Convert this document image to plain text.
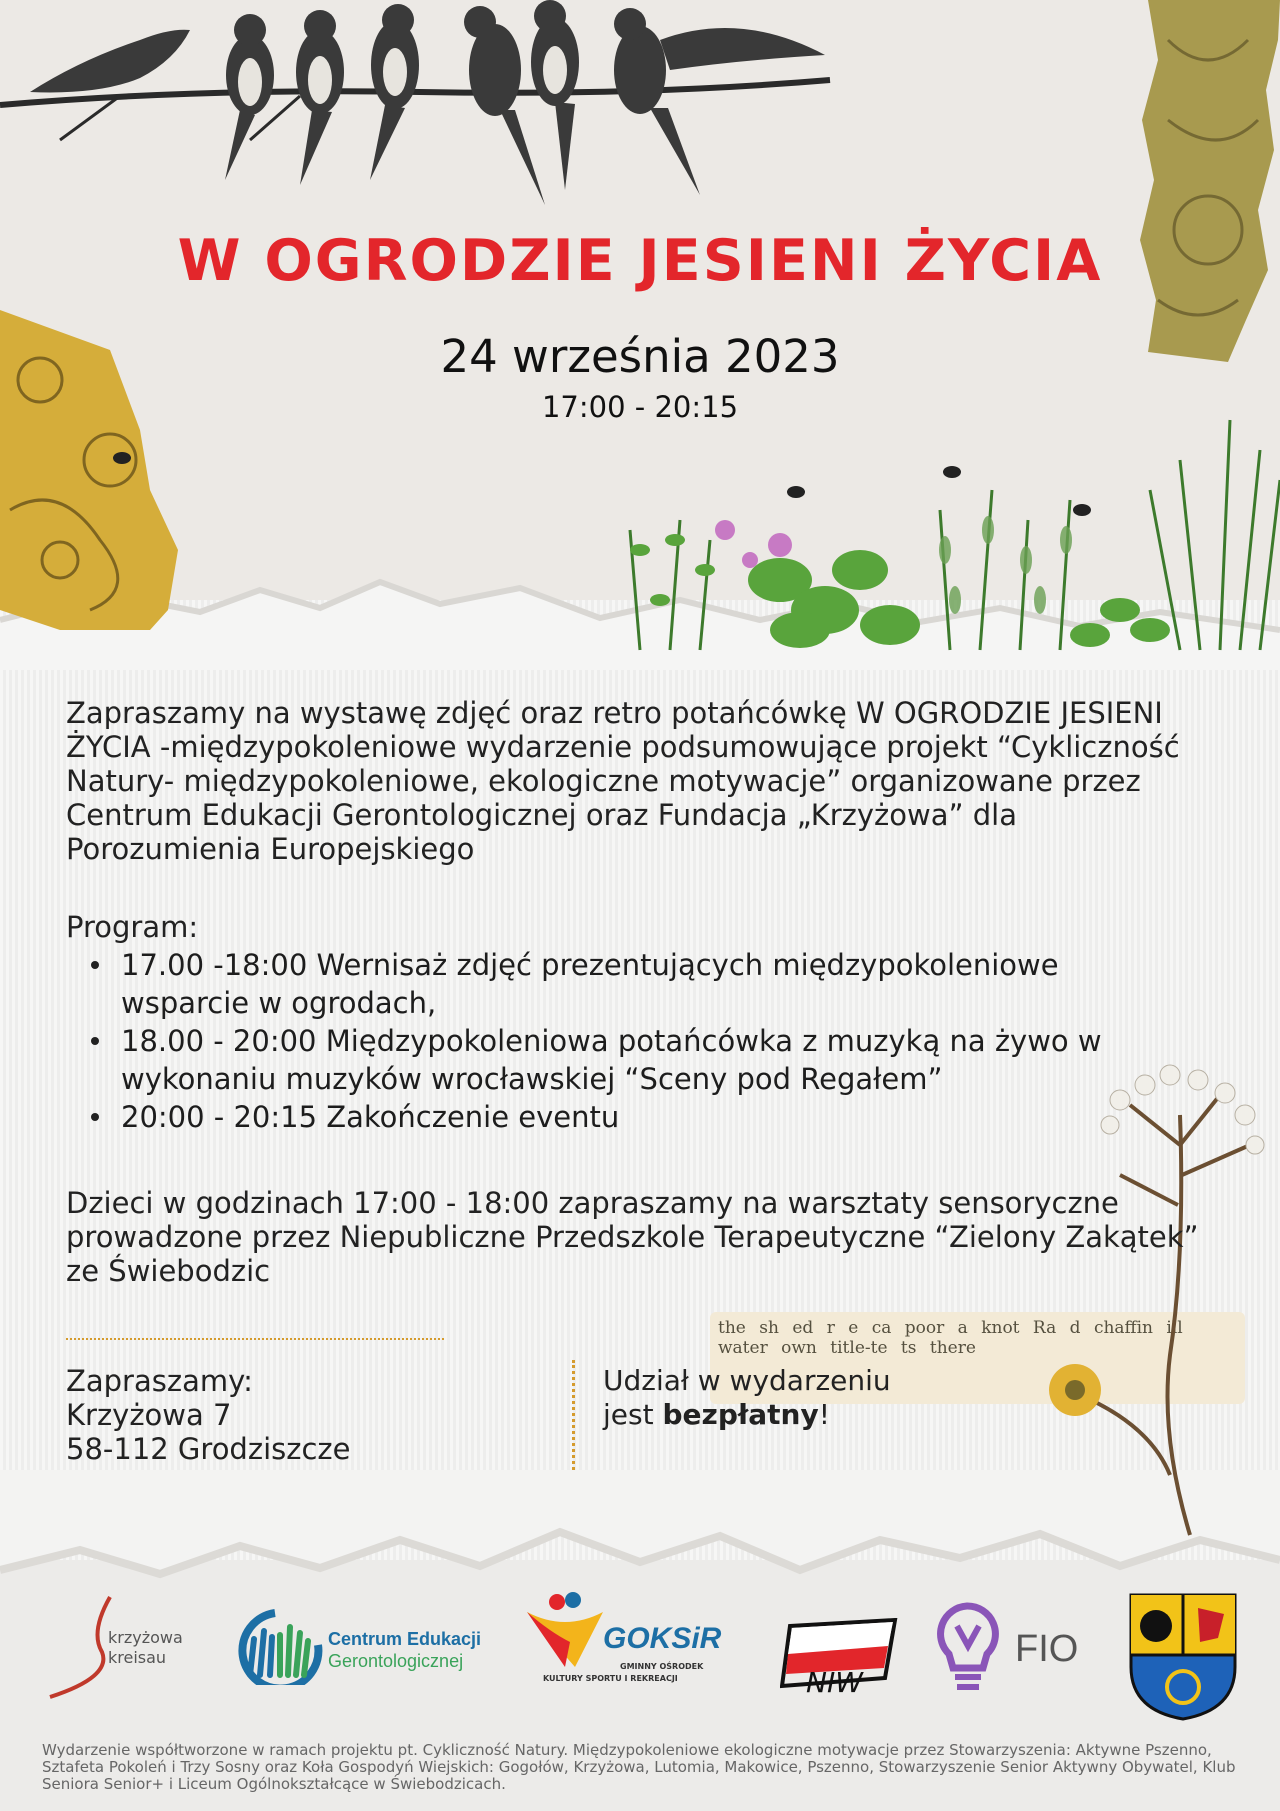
the sh ed r e ca poor a knot Ra d chaffin ill water own title-te ts there
W OGRODZIE JESIENI ŻYCIA
24 września 2023
17:00 - 20:15
Zapraszamy na wystawę zdjęć oraz retro potańcówkę W OGRODZIE JESIENI ŻYCIA -międzypokoleniowe wydarzenie podsumowujące projekt “Cykliczność Natury- międzypokoleniowe, ekologiczne motywacje” organizowane przez Centrum Edukacji Gerontologicznej oraz Fundacja „Krzyżowa” dla Porozumienia Europejskiego
Program:
17.00 -18:00 Wernisaż zdjęć prezentujących międzypokoleniowe wsparcie w ogrodach,
18.00 - 20:00 Międzypokoleniowa potańcówka z muzyką na żywo w wykonaniu muzyków wrocławskiej “Sceny pod Regałem”
20:00 - 20:15 Zakończenie eventu
Dzieci w godzinach 17:00 - 18:00 zapraszamy na warsztaty sensoryczne prowadzone przez Niepubliczne Przedszkole Terapeutyczne “Zielony Zakątek” ze Świebodzic
Zapraszamy:
Krzyżowa 7
58-112 Grodziszcze
Udział w wydarzeniu
jest bezpłatny!
krzyżowa
kreisau
Centrum Edukacji
Gerontologicznej
GOKSiR
GMINNY OŚRODEK
KULTURY SPORTU I REKREACJI	NIW
FIO
Wydarzenie współtworzone w ramach projektu pt. Cykliczność Natury. Międzypokoleniowe ekologiczne motywacje przez Stowarzyszenia: Aktywne Pszenno, Sztafeta Pokoleń i Trzy Sosny oraz Koła Gospodyń Wiejskich: Gogołów, Krzyżowa, Lutomia, Makowice, Pszenno, Stowarzyszenie Senior Aktywny Obywatel, Klub Seniora Senior+ i Liceum Ogólnokształcące w Świebodzicach.
